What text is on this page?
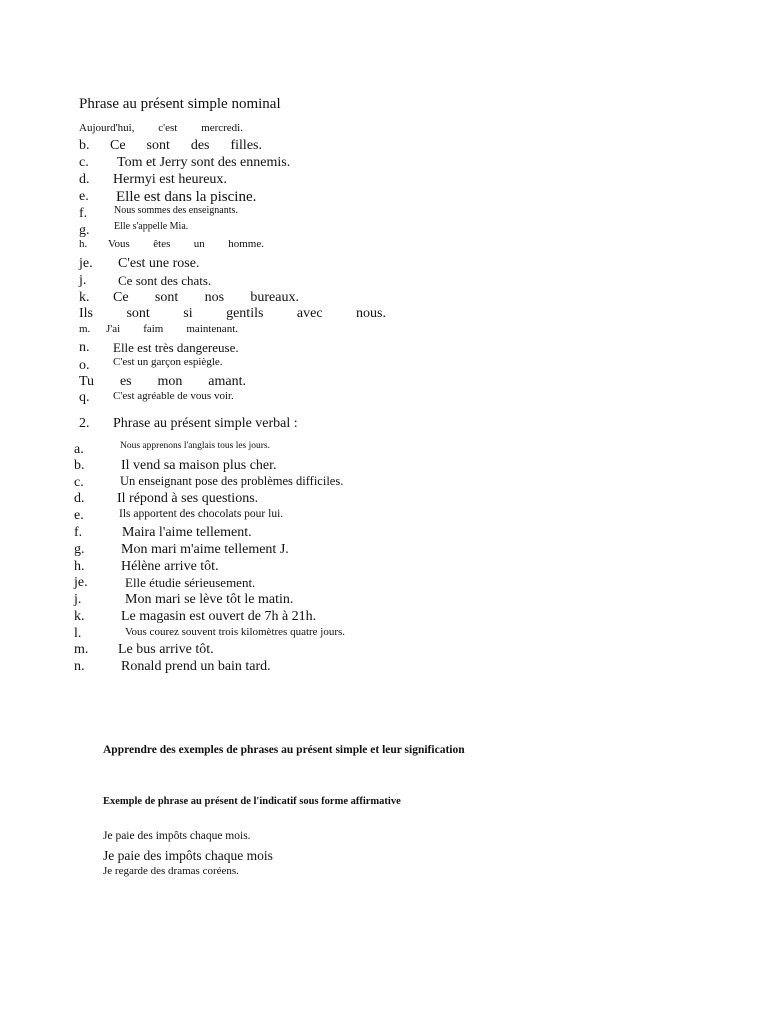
Phrase au présent simple nominal
Aujourd'hui, c'est mercredi.
b. Ce sont des filles.
c. Tom et Jerry sont des ennemis.
d. Hermyi est heureux.
e. Elle est dans la piscine.
f.	Nous sommes des enseignants.
g. Elle s'appelle Mia.
h. Vous êtes un homme.
je. C'est une rose.
j. Ce sont des chats.
k. Ce sont nos bureaux.
Ils sont si gentils avec nous.
m. J'ai faim maintenant.
n. Elle est très dangereuse.
o. C'est un garçon espiègle.
Tu es mon amant.
q. C'est agréable de vous voir.
2. Phrase au présent simple verbal :
a.	Nous apprenons l'anglais tous les jours.
b.	Il vend sa maison plus cher.
c.	Un enseignant pose des problèmes difficiles.
d. Il répond à ses questions.
e.	Ils apportent des chocolats pour lui.
f.	Maira l'aime tellement.
g.	Mon mari m'aime tellement J.
h.	Hélène arrive tôt.
je.	Elle étudie sérieusement.
j.	Mon mari se lève tôt le matin.
k.	Le magasin est ouvert de 7h à 21h.
l.	Vous courez souvent trois kilomètres quatre jours.
m. Le bus arrive tôt.
n.	Ronald prend un bain tard.
Apprendre des exemples de phrases au présent simple et leur signification
Exemple de phrase au présent de l'indicatif sous forme affirmative
Je paie des impôts chaque mois.
Je paie des impôts chaque mois
Je regarde des dramas coréens.
